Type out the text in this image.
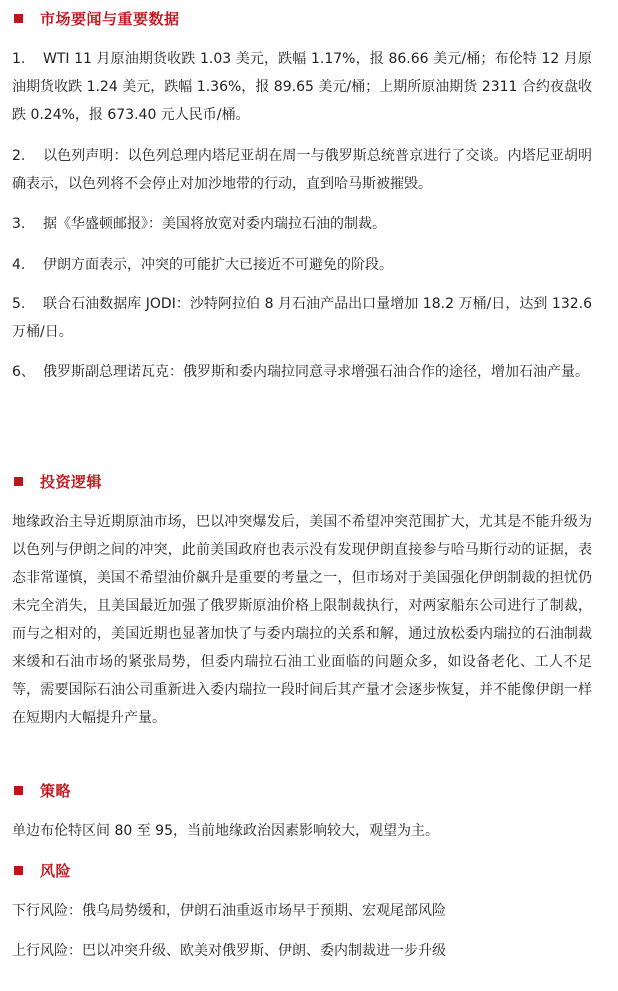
市场要闻与重要数据

1. WTI 11 月原油期货收跌 1.03 美元，跌幅 1.17%，报 86.66 美元/桶；布伦特 12 月原油期货收跌 1.24 美元，跌幅 1.36%，报 89.65 美元/桶；上期所原油期货 2311 合约夜盘收跌 0.24%，报 673.40 元人民币/桶。

2. 以色列声明：以色列总理内塔尼亚胡在周一与俄罗斯总统普京进行了交谈。内塔尼亚胡明确表示，以色列将不会停止对加沙地带的行动，直到哈马斯被摧毁。

3. 据《华盛顿邮报》：美国将放宽对委内瑞拉石油的制裁。

4. 伊朗方面表示，冲突的可能扩大已接近不可避免的阶段。

5. 联合石油数据库 JODI：沙特阿拉伯 8 月石油产品出口量增加 18.2 万桶/日，达到 132.6 万桶/日。

6、 俄罗斯副总理诺瓦克：俄罗斯和委内瑞拉同意寻求增强石油合作的途径，增加石油产量。

投资逻辑

地缘政治主导近期原油市场，巴以冲突爆发后，美国不希望冲突范围扩大，尤其是不能升级为以色列与伊朗之间的冲突，此前美国政府也表示没有发现伊朗直接参与哈马斯行动的证据，表态非常谨慎，美国不希望油价飙升是重要的考量之一，但市场对于美国强化伊朗制裁的担忧仍未完全消失，且美国最近加强了俄罗斯原油价格上限制裁执行，对两家船东公司进行了制裁，而与之相对的，美国近期也显著加快了与委内瑞拉的关系和解，通过放松委内瑞拉的石油制裁来缓和石油市场的紧张局势，但委内瑞拉石油工业面临的问题众多，如设备老化、工人不足等，需要国际石油公司重新进入委内瑞拉一段时间后其产量才会逐步恢复，并不能像伊朗一样在短期内大幅提升产量。

策略

单边布伦特区间 80 至 95，当前地缘政治因素影响较大，观望为主。

风险

下行风险：俄乌局势缓和，伊朗石油重返市场早于预期、宏观尾部风险

上行风险：巴以冲突升级、欧美对俄罗斯、伊朗、委内制裁进一步升级
